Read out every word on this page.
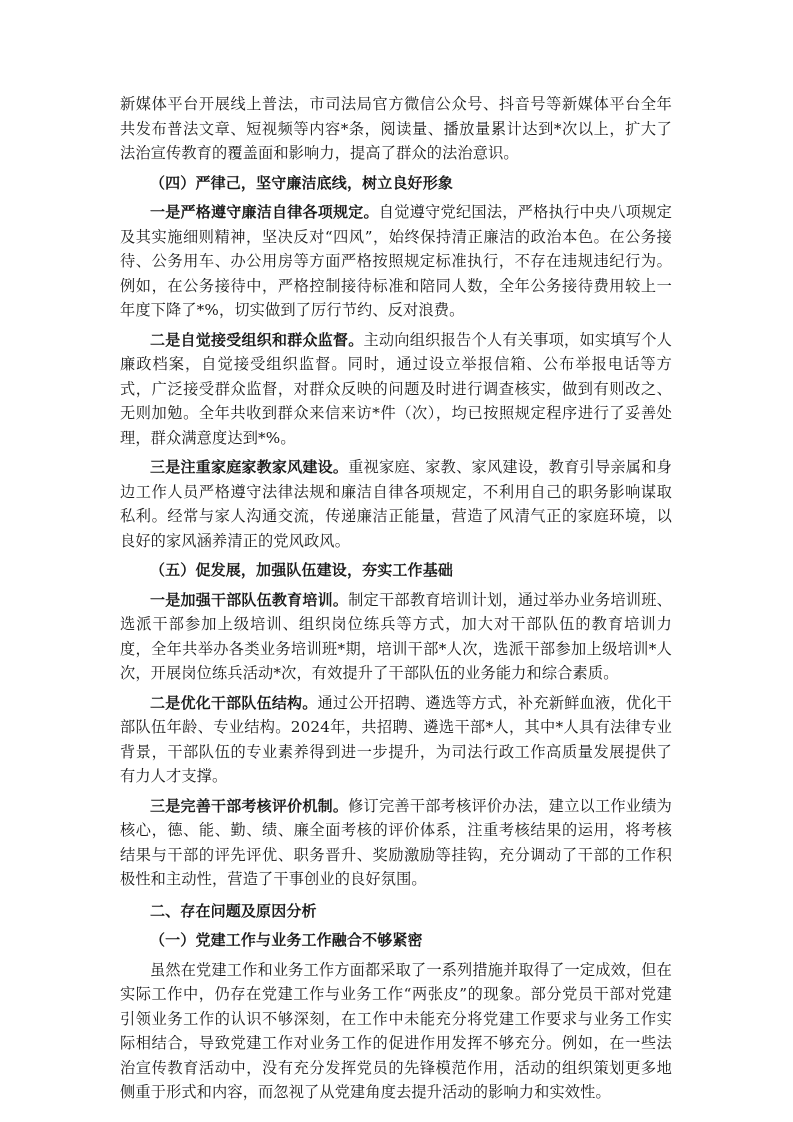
新媒体平台开展线上普法，市司法局官方微信公众号、抖音号等新媒体平台全年共发布普法文章、短视频等内容*条，阅读量、播放量累计达到*次以上，扩大了法治宣传教育的覆盖面和影响力，提高了群众的法治意识。

（四）严律己，坚守廉洁底线，树立良好形象

一是严格遵守廉洁自律各项规定。自觉遵守党纪国法，严格执行中央八项规定及其实施细则精神，坚决反对“四风”，始终保持清正廉洁的政治本色。在公务接待、公务用车、办公用房等方面严格按照规定标准执行，不存在违规违纪行为。例如，在公务接待中，严格控制接待标准和陪同人数，全年公务接待费用较上一年度下降了*%，切实做到了厉行节约、反对浪费。

二是自觉接受组织和群众监督。主动向组织报告个人有关事项，如实填写个人廉政档案，自觉接受组织监督。同时，通过设立举报信箱、公布举报电话等方式，广泛接受群众监督，对群众反映的问题及时进行调查核实，做到有则改之、无则加勉。全年共收到群众来信来访*件（次），均已按照规定程序进行了妥善处理，群众满意度达到*%。

三是注重家庭家教家风建设。重视家庭、家教、家风建设，教育引导亲属和身边工作人员严格遵守法律法规和廉洁自律各项规定，不利用自己的职务影响谋取私利。经常与家人沟通交流，传递廉洁正能量，营造了风清气正的家庭环境，以良好的家风涵养清正的党风政风。

（五）促发展，加强队伍建设，夯实工作基础

一是加强干部队伍教育培训。制定干部教育培训计划，通过举办业务培训班、选派干部参加上级培训、组织岗位练兵等方式，加大对干部队伍的教育培训力度，全年共举办各类业务培训班*期，培训干部*人次，选派干部参加上级培训*人次，开展岗位练兵活动*次，有效提升了干部队伍的业务能力和综合素质。

二是优化干部队伍结构。通过公开招聘、遴选等方式，补充新鲜血液，优化干部队伍年龄、专业结构。2024年，共招聘、遴选干部*人，其中*人具有法律专业背景，干部队伍的专业素养得到进一步提升，为司法行政工作高质量发展提供了有力人才支撑。

三是完善干部考核评价机制。修订完善干部考核评价办法，建立以工作业绩为核心，德、能、勤、绩、廉全面考核的评价体系，注重考核结果的运用，将考核结果与干部的评先评优、职务晋升、奖励激励等挂钩，充分调动了干部的工作积极性和主动性，营造了干事创业的良好氛围。

二、存在问题及原因分析

（一）党建工作与业务工作融合不够紧密

虽然在党建工作和业务工作方面都采取了一系列措施并取得了一定成效，但在实际工作中，仍存在党建工作与业务工作“两张皮”的现象。部分党员干部对党建引领业务工作的认识不够深刻，在工作中未能充分将党建工作要求与业务工作实际相结合，导致党建工作对业务工作的促进作用发挥不够充分。例如，在一些法治宣传教育活动中，没有充分发挥党员的先锋模范作用，活动的组织策划更多地侧重于形式和内容，而忽视了从党建角度去提升活动的影响力和实效性。
